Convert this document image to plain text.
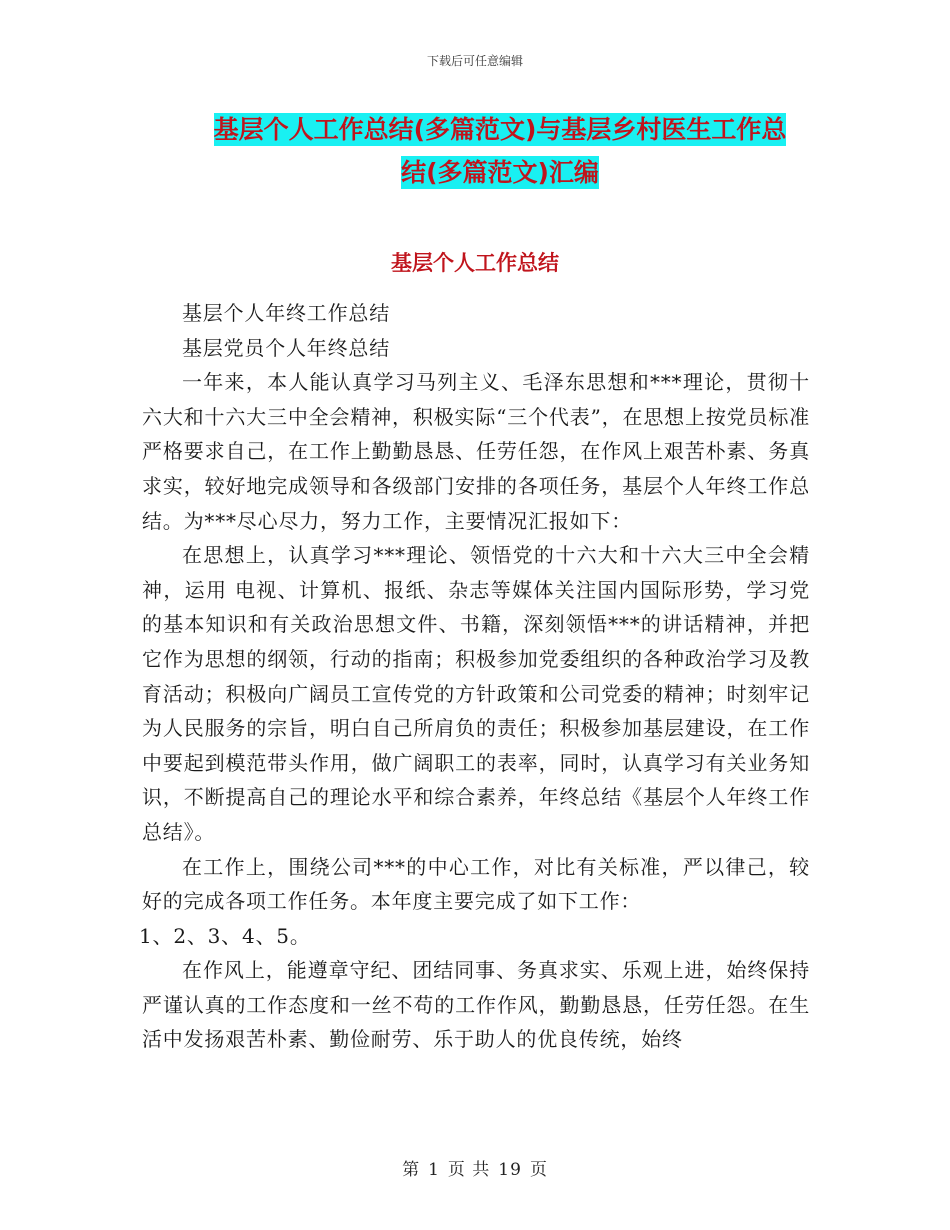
下载后可任意编辑
基层个人工作总结(多篇范文)与基层乡村医生工作总
结(多篇范文)汇编
基层个人工作总结

基层个人年终工作总结

基层党员个人年终总结

一年来，本人能认真学习马列主义、毛泽东思想和***理论，贯彻十六大和十六大三中全会精神，积极实际“三个代表”，在思想上按党员标准严格要求自己，在工作上勤勤恳恳、任劳任怨，在作风上艰苦朴素、务真求实，较好地完成领导和各级部门安排的各项任务，基层个人年终工作总结。为***尽心尽力，努力工作，主要情况汇报如下：

在思想上，认真学习***理论、领悟党的十六大和十六大三中全会精神，运用 电视、计算机、报纸、杂志等媒体关注国内国际形势，学习党的基本知识和有关政治思想文件、书籍，深刻领悟***的讲话精神，并把它作为思想的纲领，行动的指南；积极参加党委组织的各种政治学习及教育活动；积极向广阔员工宣传党的方针政策和公司党委的精神；时刻牢记为人民服务的宗旨，明白自己所肩负的责任；积极参加基层建设，在工作中要起到模范带头作用，做广阔职工的表率，同时，认真学习有关业务知识，不断提高自己的理论水平和综合素养，年终总结《基层个人年终工作总结》。

在工作上，围绕公司***的中心工作，对比有关标准，严以律己，较好的完成各项工作任务。本年度主要完成了如下工作：

1、2、3、4、5。

在作风上，能遵章守纪、团结同事、务真求实、乐观上进，始终保持严谨认真的工作态度和一丝不苟的工作作风，勤勤恳恳，任劳任怨。在生活中发扬艰苦朴素、勤俭耐劳、乐于助人的优良传统，始终

第 1 页 共 19 页
